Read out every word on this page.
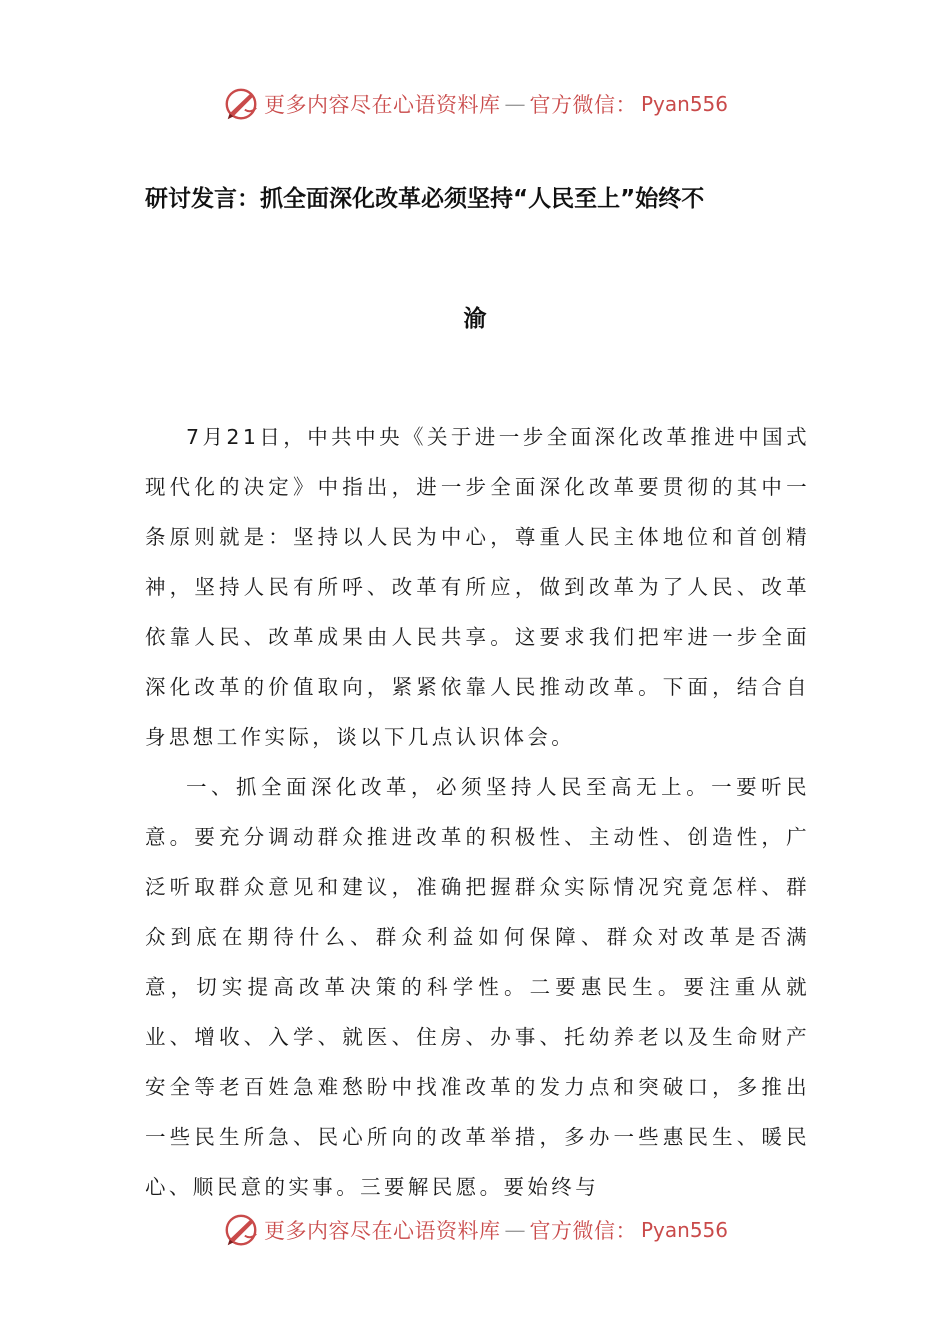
更多内容尽在心语资料库 — 官方微信： Pyan556
研讨发言：抓全面深化改革必须坚持“人民至上”始终不
渝

7月21日，中共中央《关于进一步全面深化改革推进中国式现代化的决定》中指出，进一步全面深化改革要贯彻的其中一条原则就是：坚持以人民为中心，尊重人民主体地位和首创精神，坚持人民有所呼、改革有所应，做到改革为了人民、改革依靠人民、改革成果由人民共享。这要求我们把牢进一步全面深化改革的价值取向，紧紧依靠人民推动改革。下面，结合自身思想工作实际，谈以下几点认识体会。

一、抓全面深化改革，必须坚持人民至高无上。一要听民意。要充分调动群众推进改革的积极性、主动性、创造性，广泛听取群众意见和建议，准确把握群众实际情况究竟怎样、群众到底在期待什么、群众利益如何保障、群众对改革是否满意，切实提高改革决策的科学性。二要惠民生。要注重从就业、增收、入学、就医、住房、办事、托幼养老以及生命财产安全等老百姓急难愁盼中找准改革的发力点和突破口，多推出一些民生所急、民心所向的改革举措，多办一些惠民生、暖民心、顺民意的实事。三要解民愿。要始终与

更多内容尽在心语资料库 — 官方微信： Pyan556
